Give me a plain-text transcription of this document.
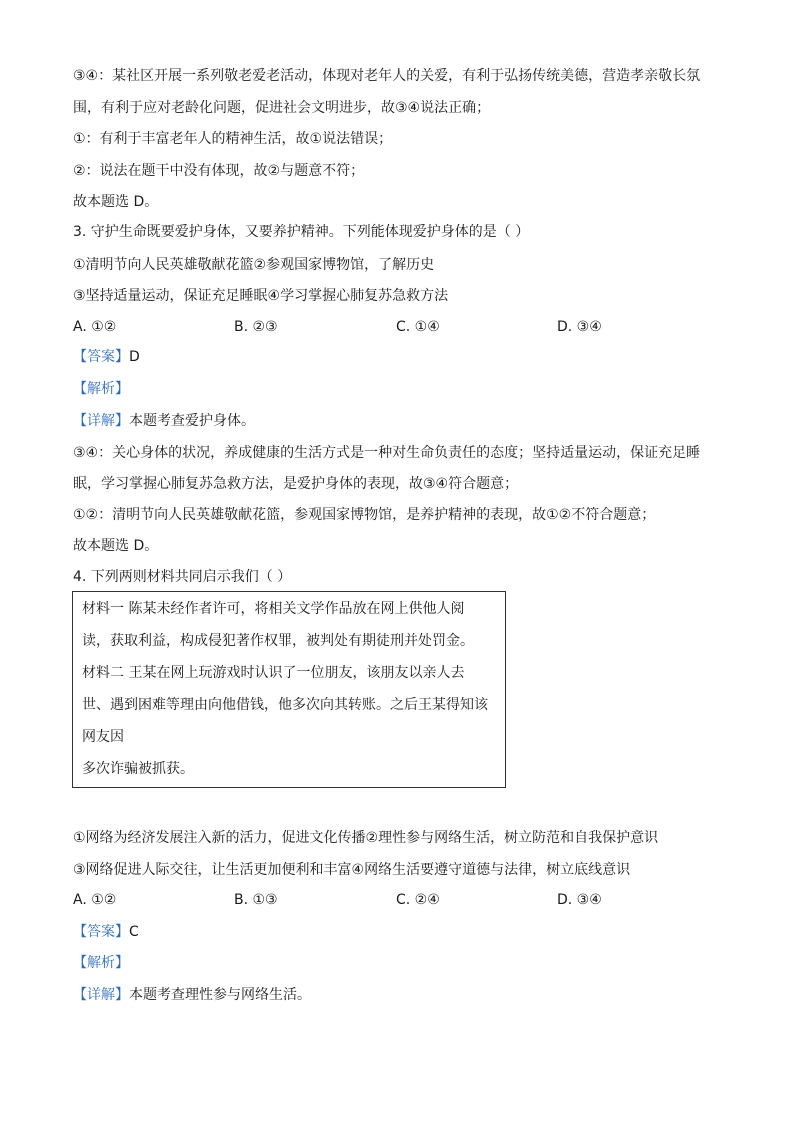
③④：某社区开展一系列敬老爱老活动，体现对老年人的关爱，有利于弘扬传统美德，营造孝亲敬长氛
围，有利于应对老龄化问题，促进社会文明进步，故③④说法正确；
①：有利于丰富老年人的精神生活，故①说法错误；
②：说法在题干中没有体现，故②与题意不符；
故本题选 D。
3. 守护生命既要爱护身体，又要养护精神。下列能体现爱护身体的是（ ）
①清明节向人民英雄敬献花篮②参观国家博物馆，了解历史
③坚持适量运动，保证充足睡眠④学习掌握心肺复苏急救方法
A. ①②	B. ②③	C. ①④	D. ③④
【答案】D
【解析】
【详解】本题考查爱护身体。
③④：关心身体的状况，养成健康的生活方式是一种对生命负责任的态度；坚持适量运动，保证充足睡
眠，学习掌握心肺复苏急救方法，是爱护身体的表现，故③④符合题意；
①②：清明节向人民英雄敬献花篮，参观国家博物馆，是养护精神的表现，故①②不符合题意；
故本题选 D。
4. 下列两则材料共同启示我们（ ）
材料一 陈某未经作者许可，将相关文学作品放在网上供他人阅
读，获取利益，构成侵犯著作权罪，被判处有期徒刑并处罚金。
材料二 王某在网上玩游戏时认识了一位朋友，该朋友以亲人去
世、遇到困难等理由向他借钱，他多次向其转账。之后王某得知该
网友因
多次诈骗被抓获。
①网络为经济发展注入新的活力，促进文化传播②理性参与网络生活，树立防范和自我保护意识
③网络促进人际交往，让生活更加便利和丰富④网络生活要遵守道德与法律，树立底线意识
A. ①②	B. ①③	C. ②④	D. ③④
【答案】C
【解析】
【详解】本题考查理性参与网络生活。
